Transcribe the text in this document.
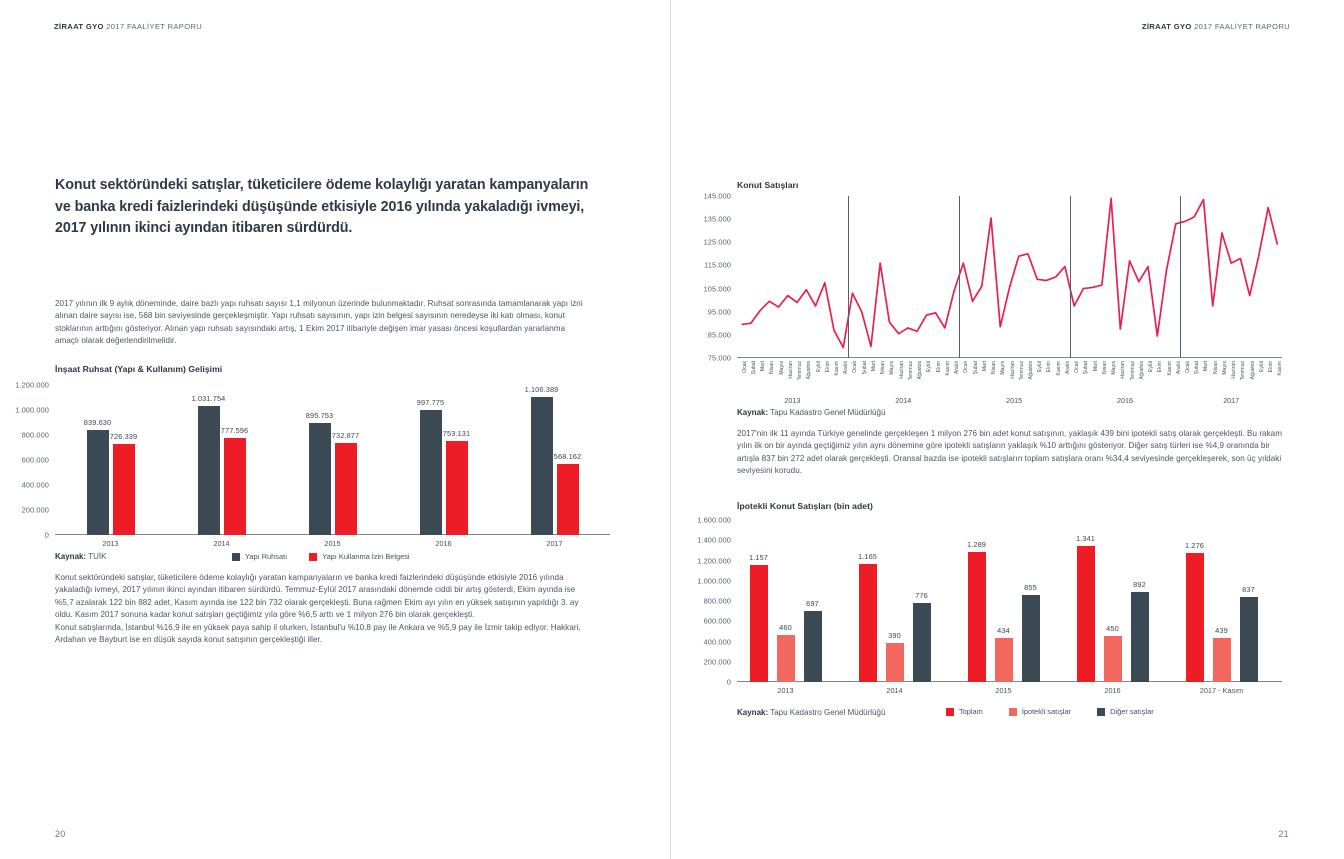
ZİRAAT GYO 2017 FAALİYET RAPORU
Konut sektöründeki satışlar, tüketicilere ödeme kolaylığı yaratan kampanyaların ve banka kredi faizlerindeki düşüşünde etkisiyle 2016 yılında yakaladığı ivmeyi, 2017 yılının ikinci ayından itibaren sürdürdü.

2017 yılının ilk 9 aylık döneminde, daire bazlı yapı ruhsatı sayısı 1,1 milyonun üzerinde bulunmaktadır. Ruhsat sonrasında tamamlanarak yapı izni alınan daire sayısı ise, 568 bin seviyesinde gerçekleşmiştir. Yapı ruhsatı sayısının, yapı izin belgesi sayısının neredeyse iki katı olması, konut stoklarının arttığını gösteriyor. Alınan yapı ruhsatı sayısındaki artış, 1 Ekim 2017 itibariyle değişen imar yasası öncesi koşullardan yararlanma amaçlı olarak değerlendirilmelidir.

İnşaat Ruhsat (Yapı & Kullanım) Gelişimi
0
200.000
400.000
600.000
800.000
1.000.000
1.200.000
839.630
726.339
2013
1.031.754
777.596
2014
895.753
732.877
2015
997.775
753.131
2016
1.106.389
568.162
2017
Kaynak: TUİK	Yapı Ruhsatı	Yapı Kullanma İzin Belgesi

Konut sektöründeki satışlar, tüketicilere ödeme kolaylığı yaratan kampanyaların ve banka kredi faizlerindeki düşüşünde etkisiyle 2016 yılında yakaladığı ivmeyi, 2017 yılının ikinci ayından itibaren sürdürdü. Temmuz-Eylül 2017 arasındaki dönemde ciddi bir artış gösterdi, Ekim ayında ise %5,7 azalarak 122 bin 882 adet, Kasım ayında ise 122 bin 732 olarak gerçekleşti. Buna rağmen Ekim ayı yılın en yüksek satışının yapıldığı 3. ay oldu. Kasım 2017 sonuna kadar konut satışları geçtiğimiz yıla göre %6,5 arttı ve 1 milyon 276 bin olarak gerçekleşti.

Konut satışlarında, İstanbul %16,9 ile en yüksek paya sahip il olurken, İstanbul'u %10,8 pay ile Ankara ve %5,9 pay ile İzmir takip ediyor. Hakkari, Ardahan ve Bayburt ise en düşük sayıda konut satışının gerçekleştiği iller.

20
ZİRAAT GYO 2017 FAALİYET RAPORU
Konut Satışları
75.000
85.000
95.000
105.000
115.000
125.000
135.000
145.000
Ocak Şubat Mart Nisan Mayıs Haziran Temmuz Ağustos Eylül Ekim Kasım Aralık Ocak Şubat Mart Nisan Mayıs Haziran Temmuz Ağustos Eylül Ekim Kasım Aralık Ocak Şubat Mart Nisan Mayıs Haziran Temmuz Ağustos Eylül Ekim Kasım Aralık Ocak Şubat Mart Nisan Mayıs Haziran Temmuz Ağustos Eylül Ekim Kasım Aralık Ocak Şubat Mart Nisan Mayıs Haziran Temmuz Ağustos Eylül Ekim Kasım
2013	2014	2015	2016	2017
Kaynak: Tapu Kadastro Genel Müdürlüğü

2017'nin ilk 11 ayında Türkiye genelinde gerçekleşen 1 milyon 276 bin adet konut satışının, yaklaşık 439 bini ipotekli satış olarak gerçekleşti. Bu rakam yılın ilk on bir ayında geçtiğimiz yılın aynı dönemine göre ipotekli satışların yaklaşık %10 arttığını gösteriyor. Diğer satış türleri ise %4,9 oranında bir artışla 837 bin 272 adet olarak gerçekleşti. Oransal bazda ise ipotekli satışların toplam satışlara oranı %34,4 seviyesinde gerçekleşerek, son üç yıldaki seviyesini korudu.

İpotekli Konut Satışları (bin adet)
0
200.000
400.000
600.000
800.000
1.000.000
1.200.000
1.400.000
1.600.000
1.157
460
697
2013
1.165
390
776
2014
1.289
434
855
2015
1.341
450
892
2016
1.276
439
837
2017 - Kasım
Kaynak: Tapu Kadastro Genel Müdürlüğü	Toplam	İpotekli satışlar	Diğer satışlar
21
